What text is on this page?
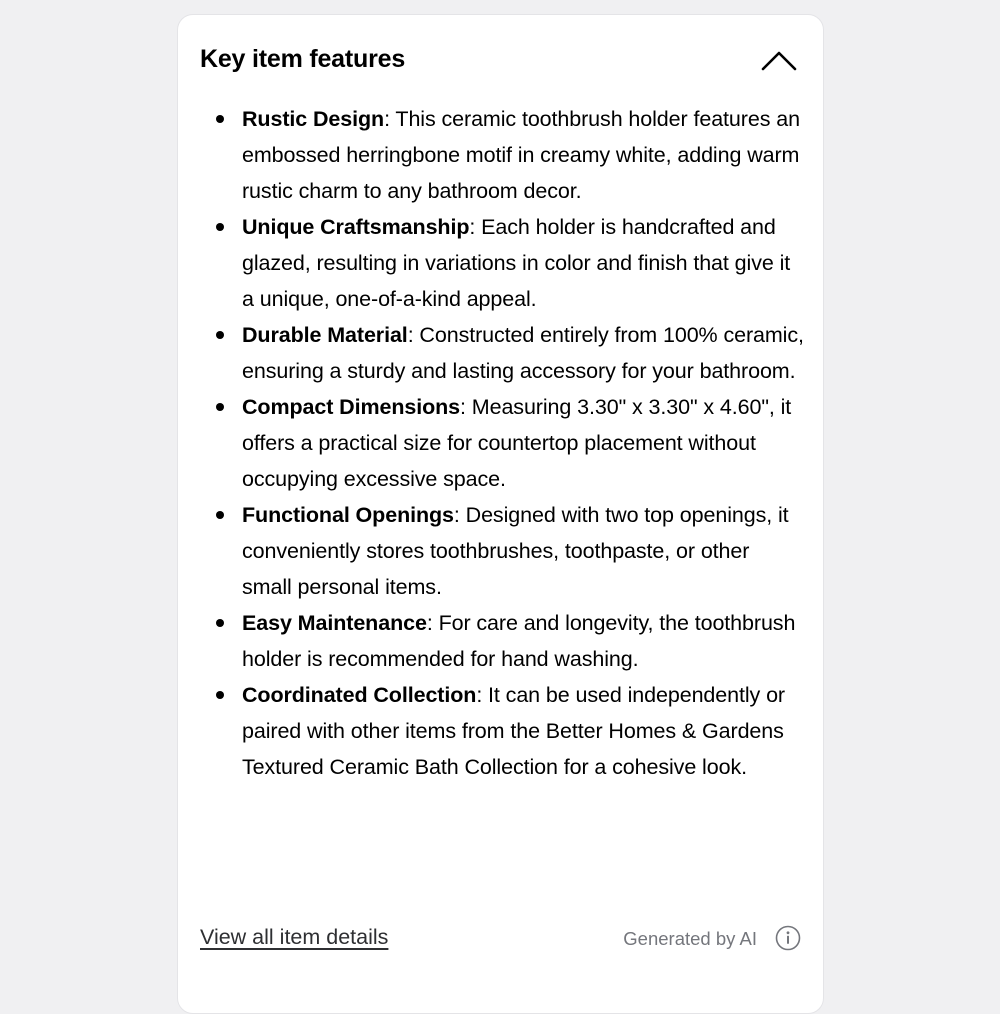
Key item features
Rustic Design: This ceramic toothbrush holder features an embossed herringbone motif in creamy white, adding warm rustic charm to any bathroom decor.
Unique Craftsmanship: Each holder is handcrafted and glazed, resulting in variations in color and finish that give it a unique, one-of-a-kind appeal.
Durable Material: Constructed entirely from 100% ceramic, ensuring a sturdy and lasting accessory for your bathroom.
Compact Dimensions: Measuring 3.30" x 3.30" x 4.60", it offers a practical size for countertop placement without occupying excessive space.
Functional Openings: Designed with two top openings, it conveniently stores toothbrushes, toothpaste, or other small personal items.
Easy Maintenance: For care and longevity, the toothbrush holder is recommended for hand washing.
Coordinated Collection: It can be used independently or paired with other items from the Better Homes & Gardens Textured Ceramic Bath Collection for a cohesive look.
View all item details	Generated by AI
